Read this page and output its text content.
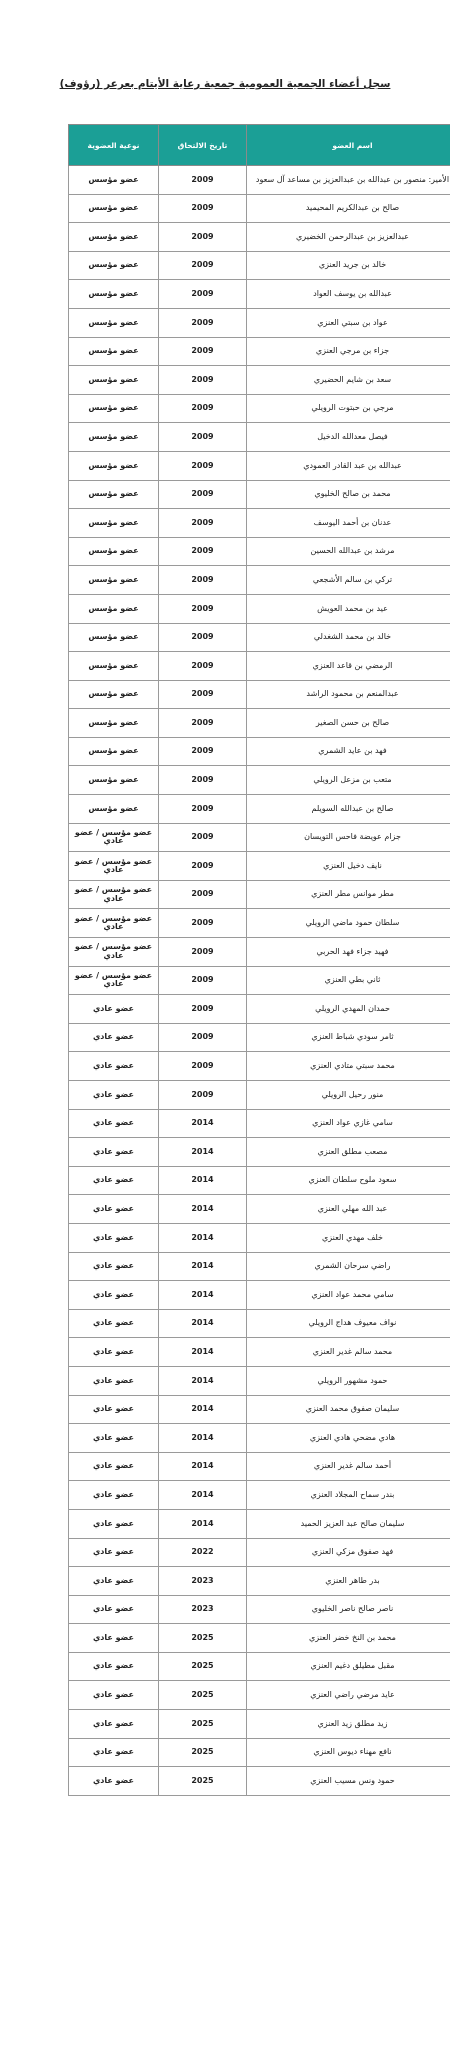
سجل أعضاء الجمعية العمومية جمعية رعاية الأيتام بعرعر (رؤوف)
اسم العضو	تاريخ الالتحاق	نوعية العضوية
الأمير: منصور بن عبدالله بن عبدالعزيز بن مساعد آل سعود	2009	عضو مؤسس
صالح بن عبدالكريم المحيميد	2009	عضو مؤسس
عبدالعزيز بن عبدالرحمن الخضيري	2009	عضو مؤسس
خالد بن جريد العنزي	2009	عضو مؤسس
عبدالله بن يوسف العواد	2009	عضو مؤسس
عواد بن سبتي العنزي	2009	عضو مؤسس
جزاء بن مرجي العنزي	2009	عضو مؤسس
سعد بن شايم الحضيري	2009	عضو مؤسس
مرجي بن حبتوت الرويلي	2009	عضو مؤسس
فيصل معدالله الدخيل	2009	عضو مؤسس
عبدالله بن عبد القادر العمودي	2009	عضو مؤسس
محمد بن صالح الخليوي	2009	عضو مؤسس
عدنان بن أحمد اليوسف	2009	عضو مؤسس
مرشد بن عبدالله الحسين	2009	عضو مؤسس
تركي بن سالم الأشجعي	2009	عضو مؤسس
عيد بن محمد العويش	2009	عضو مؤسس
خالد بن محمد الشغدلي	2009	عضو مؤسس
الرمضي بن قاعد العنزي	2009	عضو مؤسس
عبدالمنعم بن محمود الراشد	2009	عضو مؤسس
صالح بن حسن الصغير	2009	عضو مؤسس
فهد بن عايد الشمري	2009	عضو مؤسس
متعب بن مزعل الرويلي	2009	عضو مؤسس
صالح بن عبدالله السويلم	2009	عضو مؤسس
جزام عويضة فاحس التويسان	2009	عضو مؤسس / عضو عادي
نايف دخيل العنزي	2009	عضو مؤسس / عضو عادي
مطر موانس مطر العنزي	2009	عضو مؤسس / عضو عادي
سلطان حمود ماضي الرويلي	2009	عضو مؤسس / عضو عادي
فهيد جزاء فهد الحربي	2009	عضو مؤسس / عضو عادي
ثاني بطي العنزي	2009	عضو مؤسس / عضو عادي
حمدان المهدي الرويلي	2009	عضو عادي
ثامر سودي شباط العنزي	2009	عضو عادي
محمد سبتي متادي العنزي	2009	عضو عادي
منور رحيل الرويلي	2009	عضو عادي
سامي غازي عواد العنزي	2014	عضو عادي
مصعب مطلق العنزي	2014	عضو عادي
سعود ملوح سلطان العنزي	2014	عضو عادي
عبد الله مهلي العنزي	2014	عضو عادي
خلف مهدي العنزي	2014	عضو عادي
راضي سرحان الشمري	2014	عضو عادي
سامي محمد عواد العنزي	2014	عضو عادي
نواف معيوف هداج الرويلي	2014	عضو عادي
محمد سالم غدير العنزي	2014	عضو عادي
حمود مشهور الرويلي	2014	عضو عادي
سليمان صفوق محمد العنزي	2014	عضو عادي
هادي مضحي هادي العنزي	2014	عضو عادي
أحمد سالم غدير العنزي	2014	عضو عادي
بندر سماح المجلاد العنزي	2014	عضو عادي
سليمان صالح عبد العزيز الحميد	2014	عضو عادي
فهد صفوق مزكي العنزي	2022	عضو عادي
بدر طاهر العنزي	2023	عضو عادي
ناصر صالح ناصر الخليوي	2023	عضو عادي
محمد بن النخ خضر العنزي	2025	عضو عادي
مقبل مطيلق دغيم العنزي	2025	عضو عادي
عايد مرضي راضي العنزي	2025	عضو عادي
زيد مطلق زيد العنزي	2025	عضو عادي
نافع مهناء ديوس العنزي	2025	عضو عادي
حمود ونس مسيب العنزي	2025	عضو عادي
